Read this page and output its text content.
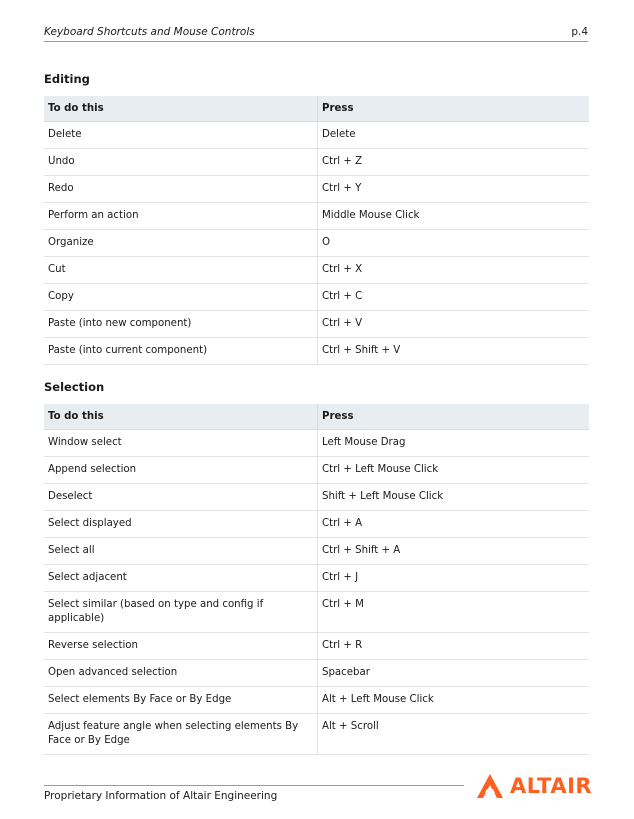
Keyboard Shortcuts and Mouse Controls	p.4
Editing
To do this	Press
Delete	Delete
Undo	Ctrl + Z
Redo	Ctrl + Y
Perform an action	Middle Mouse Click
Organize	O
Cut	Ctrl + X
Copy	Ctrl + C
Paste (into new component)	Ctrl + V
Paste (into current component)	Ctrl + Shift + V
Selection
To do this	Press
Window select	Left Mouse Drag
Append selection	Ctrl + Left Mouse Click
Deselect	Shift + Left Mouse Click
Select displayed	Ctrl + A
Select all	Ctrl + Shift + A
Select adjacent	Ctrl + J
Select similar (based on type and config if applicable)	Ctrl + M
Reverse selection	Ctrl + R
Open advanced selection	Spacebar
Select elements By Face or By Edge	Alt + Left Mouse Click
Adjust feature angle when selecting elements By Face or By Edge	Alt + Scroll
Proprietary Information of Altair Engineering	ALTAIR
